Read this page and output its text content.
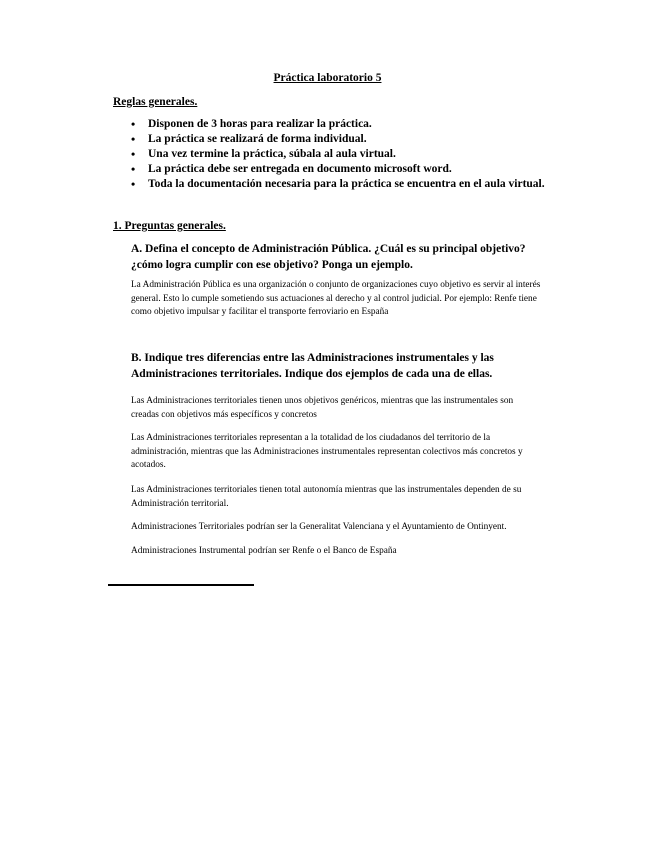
Práctica laboratorio 5
Reglas generales.
• Disponen de 3 horas para realizar la práctica.
• La práctica se realizará de forma individual.
• Una vez termine la práctica, súbala al aula virtual.
• La práctica debe ser entregada en documento microsoft word.
• Toda la documentación necesaria para la práctica se encuentra en el aula virtual.
1. Preguntas generales.
A. Defina el concepto de Administración Pública. ¿Cuál es su principal objetivo? ¿cómo logra cumplir con ese objetivo? Ponga un ejemplo.

La Administración Pública es una organización o conjunto de organizaciones cuyo objetivo es servir al interés general. Esto lo cumple sometiendo sus actuaciones al derecho y al control judicial. Por ejemplo: Renfe tiene como objetivo impulsar y facilitar el transporte ferroviario en España

B. Indique tres diferencias entre las Administraciones instrumentales y las Administraciones territoriales. Indique dos ejemplos de cada una de ellas.

Las Administraciones territoriales tienen unos objetivos genéricos, mientras que las instrumentales son creadas con objetivos más específicos y concretos

Las Administraciones territoriales representan a la totalidad de los ciudadanos del territorio de la administración, mientras que las Administraciones instrumentales representan colectivos más concretos y acotados.

Las Administraciones territoriales tienen total autonomía mientras que las instrumentales dependen de su Administración territorial.

Administraciones Territoriales podrían ser la Generalitat Valenciana y el Ayuntamiento de Ontinyent.

Administraciones Instrumental podrían ser Renfe o el Banco de España
